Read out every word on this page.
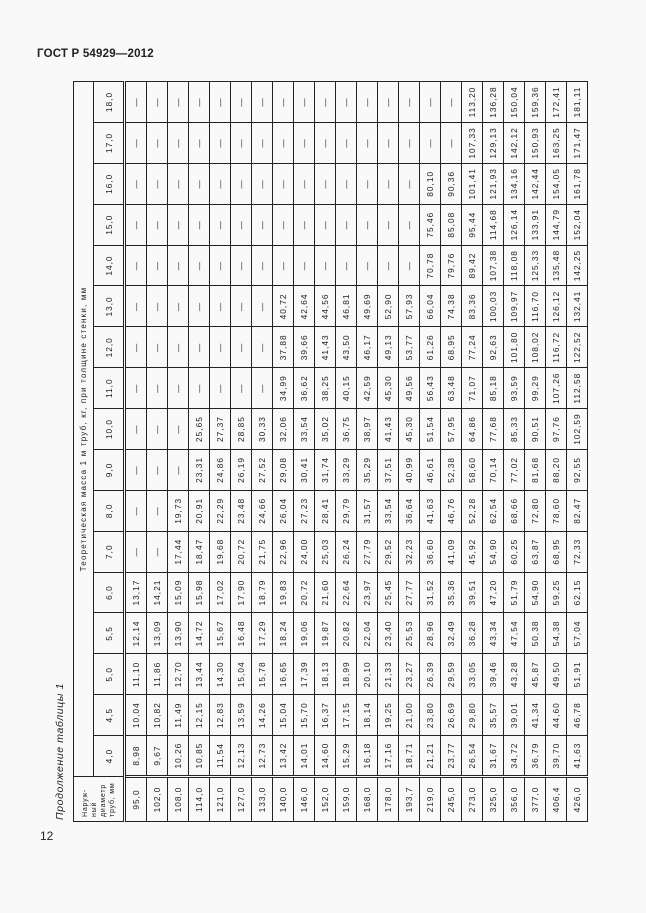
ГОСТ Р 54929—2012
Продолжение таблицы 1 Наруж-ный диаметр труб, мм	Теоретическая масса 1 м труб, кг, при толщине стенки, мм																
	4,0	4,5	5,0	5,5	6,0	7,0	8,0	9,0	10,0	11,0	12,0	13,0	14,0	15,0	16,0	17,0	18,0
95,0	8,98	10,04	11,10	12,14	13,17	—	—	—	—	—	—	—	—	—	—	—	—
102,0	9,67	10,82	11,86	13,09	14,21	—	—	—	—	—	—	—	—	—	—	—	—
108,0	10,26	11,49	12,70	13,90	15,09	17,44	19,73	—	—	—	—	—	—	—	—	—	—
114,0	10,85	12,15	13,44	14,72	15,98	18,47	20,91	23,31	25,65	—	—	—	—	—	—	—	—
121,0	11,54	12,83	14,30	15,67	17,02	19,68	22,29	24,86	27,37	—	—	—	—	—	—	—	—
127,0	12,13	13,59	15,04	16,48	17,90	20,72	23,48	26,19	28,85	—	—	—	—	—	—	—	—
133,0	12,73	14,26	15,78	17,29	18,79	21,75	24,66	27,52	30,33	—	—	—	—	—	—	—	—
140,0	13,42	15,04	16,65	18,24	19,83	22,96	26,04	29,08	32,06	34,99	37,88	40,72	—	—	—	—	—
146,0	14,01	15,70	17,39	19,06	20,72	24,00	27,23	30,41	33,54	36,62	39,66	42,64	—	—	—	—	—
152,0	14,60	16,37	18,13	19,87	21,60	25,03	28,41	31,74	35,02	38,25	41,43	44,56	—	—	—	—	—
159,0	15,29	17,15	18,99	20,82	22,64	26,24	29,79	33,29	36,75	40,15	43,50	46,81	—	—	—	—	—
168,0	16,18	18,14	20,10	22,04	23,97	27,79	31,57	35,29	38,97	42,59	46,17	49,69	—	—	—	—	—
178,0	17,16	19,25	21,33	23,40	25,45	29,52	33,54	37,51	41,43	45,30	49,13	52,90	—	—	—	—	—
193,7	18,71	21,00	23,27	25,53	27,77	32,23	36,64	40,99	45,30	49,56	53,77	57,93	—	—	—	—	—
219,0	21,21	23,80	26,39	28,96	31,52	36,60	41,63	46,61	51,54	56,43	61,26	66,04	70,78	75,46	80,10	—	—
245,0	23,77	26,69	29,59	32,49	35,36	41,09	46,76	52,38	57,95	63,48	68,95	74,38	79,76	85,08	90,36	—	—
273,0	26,54	29,80	33,05	36,28	39,51	45,92	52,28	58,60	64,86	71,07	77,24	83,36	89,42	95,44	101,41	107,33	113,20
325,0	31,67	35,57	39,46	43,34	47,20	54,90	62,54	70,14	77,68	85,18	92,63	100,03	107,38	114,68	121,93	129,13	136,28
356,0	34,72	39,01	43,28	47,54	51,79	60,25	68,66	77,02	85,33	93,59	101,80	109,97	118,08	126,14	134,16	142,12	150,04
377,0	36,79	41,34	45,87	50,38	54,90	63,87	72,80	81,68	90,51	99,29	108,02	116,70	125,33	133,91	142,44	150,93	159,36
406,4	39,70	44,60	49,50	54,38	59,25	68,95	78,60	88,20	97,76	107,26	116,72	126,12	135,48	144,79	154,05	163,25	172,41
426,0	41,63	46,78	51,91	57,04	62,15	72,33	82,47	92,55	102,59	112,58	122,52	132,41	142,25	152,04	161,78	171,47	181,11
12
